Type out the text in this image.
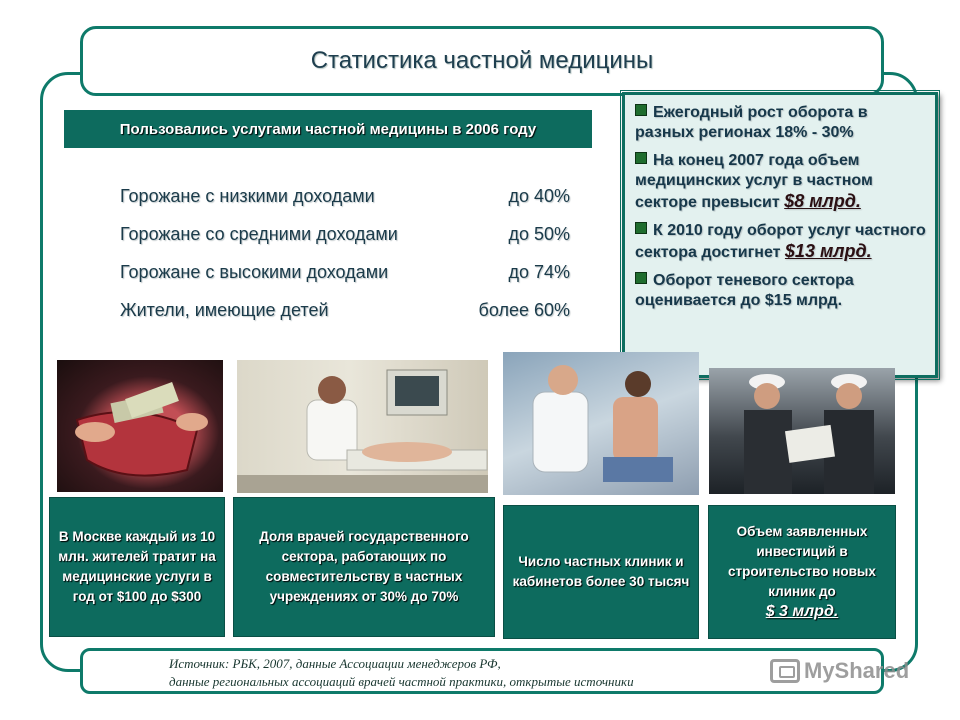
Статистика частной медицины
Пользовались услугами частной медицины в 2006 году
Горожане с низкими доходами	до 40%
Горожане со средними доходами	до 50%
Горожане с высокими доходами	до 74%
Жители, имеющие детей	более 60%

Ежегодный рост оборота в разных регионах 18% - 30%

На конец 2007 года объем медицинских услуг в частном секторе превысит $8 млрд.

К 2010 году оборот услуг частного сектора достигнет $13 млрд.

Оборот теневого сектора оценивается до $15 млрд.

В Москве каждый из 10 млн. жителей тратит на медицинские услуги в год от $100 до $300
Доля врачей государственного сектора, работающих по совместительству в частных учреждениях от 30% до 70%
Число частных клиник и кабинетов более 30 тысяч
Объем заявленных инвестиций в строительство новых клиник до
$ 3 млрд.
Источник: РБК, 2007, данные Ассоциации менеджеров РФ,
данные региональных ассоциаций врачей частной практики, открытые источники	MyShared
